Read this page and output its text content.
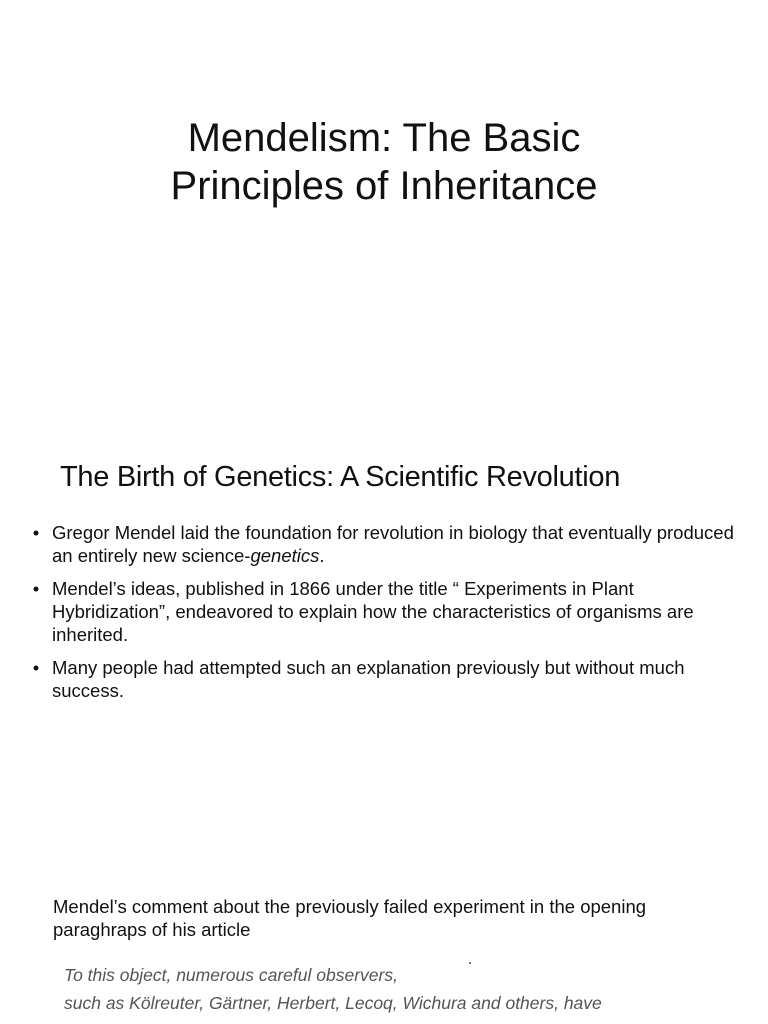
Mendelism: The Basic
Principles of Inheritance
The Birth of Genetics: A Scientific Revolution
• Gregor Mendel laid the foundation for revolution in biology that eventually produced an entirely new science-genetics.
• Mendel’s ideas, published in 1866 under the title “ Experiments in Plant Hybridization”, endeavored to explain how the characteristics of organisms are inherited.
• Many people had attempted such an explanation previously but without much success.

Mendel’s comment about the previously failed experiment in the opening paraghraps of his article

To this object, numerous careful observers,
such as Kölreuter, Gärtner, Herbert, Lecoq, Wichura and others, have
